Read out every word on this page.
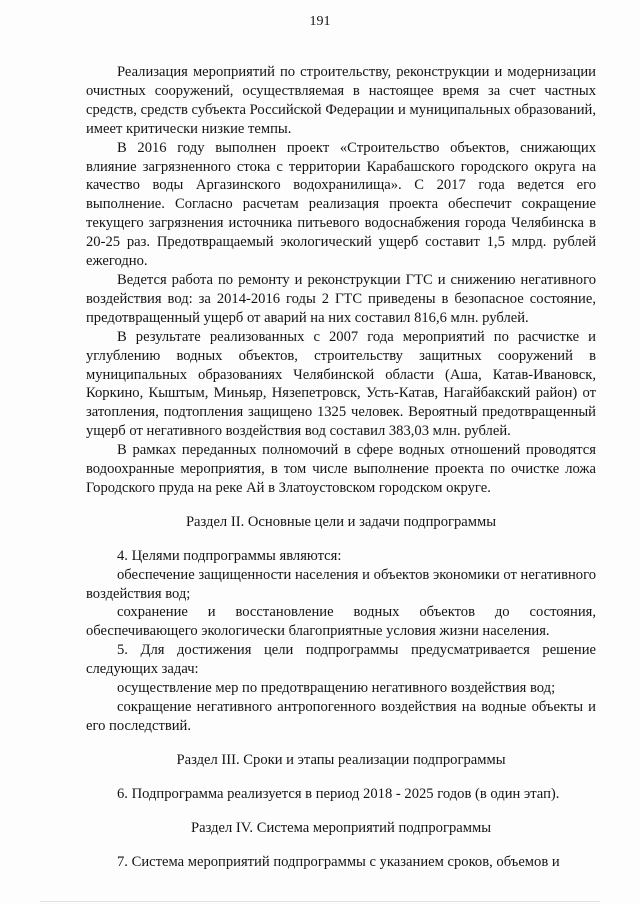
191

Реализация мероприятий по строительству, реконструкции и модернизации очистных сооружений, осуществляемая в настоящее время за счет частных средств, средств субъекта Российской Федерации и муниципальных образований, имеет критически низкие темпы.

В 2016 году выполнен проект «Строительство объектов, снижающих влияние загрязненного стока с территории Карабашского городского округа на качество воды Аргазинского водохранилища». С 2017 года ведется его выполнение. Согласно расчетам реализация проекта обеспечит сокращение текущего загрязнения источника питьевого водоснабжения города Челябинска в 20-25 раз. Предотвращаемый экологический ущерб составит 1,5 млрд. рублей ежегодно.

Ведется работа по ремонту и реконструкции ГТС и снижению негативного воздействия вод: за 2014-2016 годы 2 ГТС приведены в безопасное состояние, предотвращенный ущерб от аварий на них составил 816,6 млн. рублей.

В результате реализованных с 2007 года мероприятий по расчистке и углублению водных объектов, строительству защитных сооружений в муниципальных образованиях Челябинской области (Аша, Катав-Ивановск, Коркино, Кыштым, Миньяр, Нязепетровск, Усть-Катав, Нагайбакский район) от затопления, подтопления защищено 1325 человек. Вероятный предотвращенный ущерб от негативного воздействия вод составил 383,03 млн. рублей.

В рамках переданных полномочий в сфере водных отношений проводятся водоохранные мероприятия, в том числе выполнение проекта по очистке ложа Городского пруда на реке Ай в Златоустовском городском округе.

Раздел II. Основные цели и задачи подпрограммы

4. Целями подпрограммы являются:

обеспечение защищенности населения и объектов экономики от негативного воздействия вод;

сохранение и восстановление водных объектов до состояния, обеспечивающего экологически благоприятные условия жизни населения.

5. Для достижения цели подпрограммы предусматривается решение следующих задач:

осуществление мер по предотвращению негативного воздействия вод;

сокращение негативного антропогенного воздействия на водные объекты и его последствий.

Раздел III. Сроки и этапы реализации подпрограммы

6. Подпрограмма реализуется в период 2018 - 2025 годов (в один этап).

Раздел IV. Система мероприятий подпрограммы

7. Система мероприятий подпрограммы с указанием сроков, объемов и
